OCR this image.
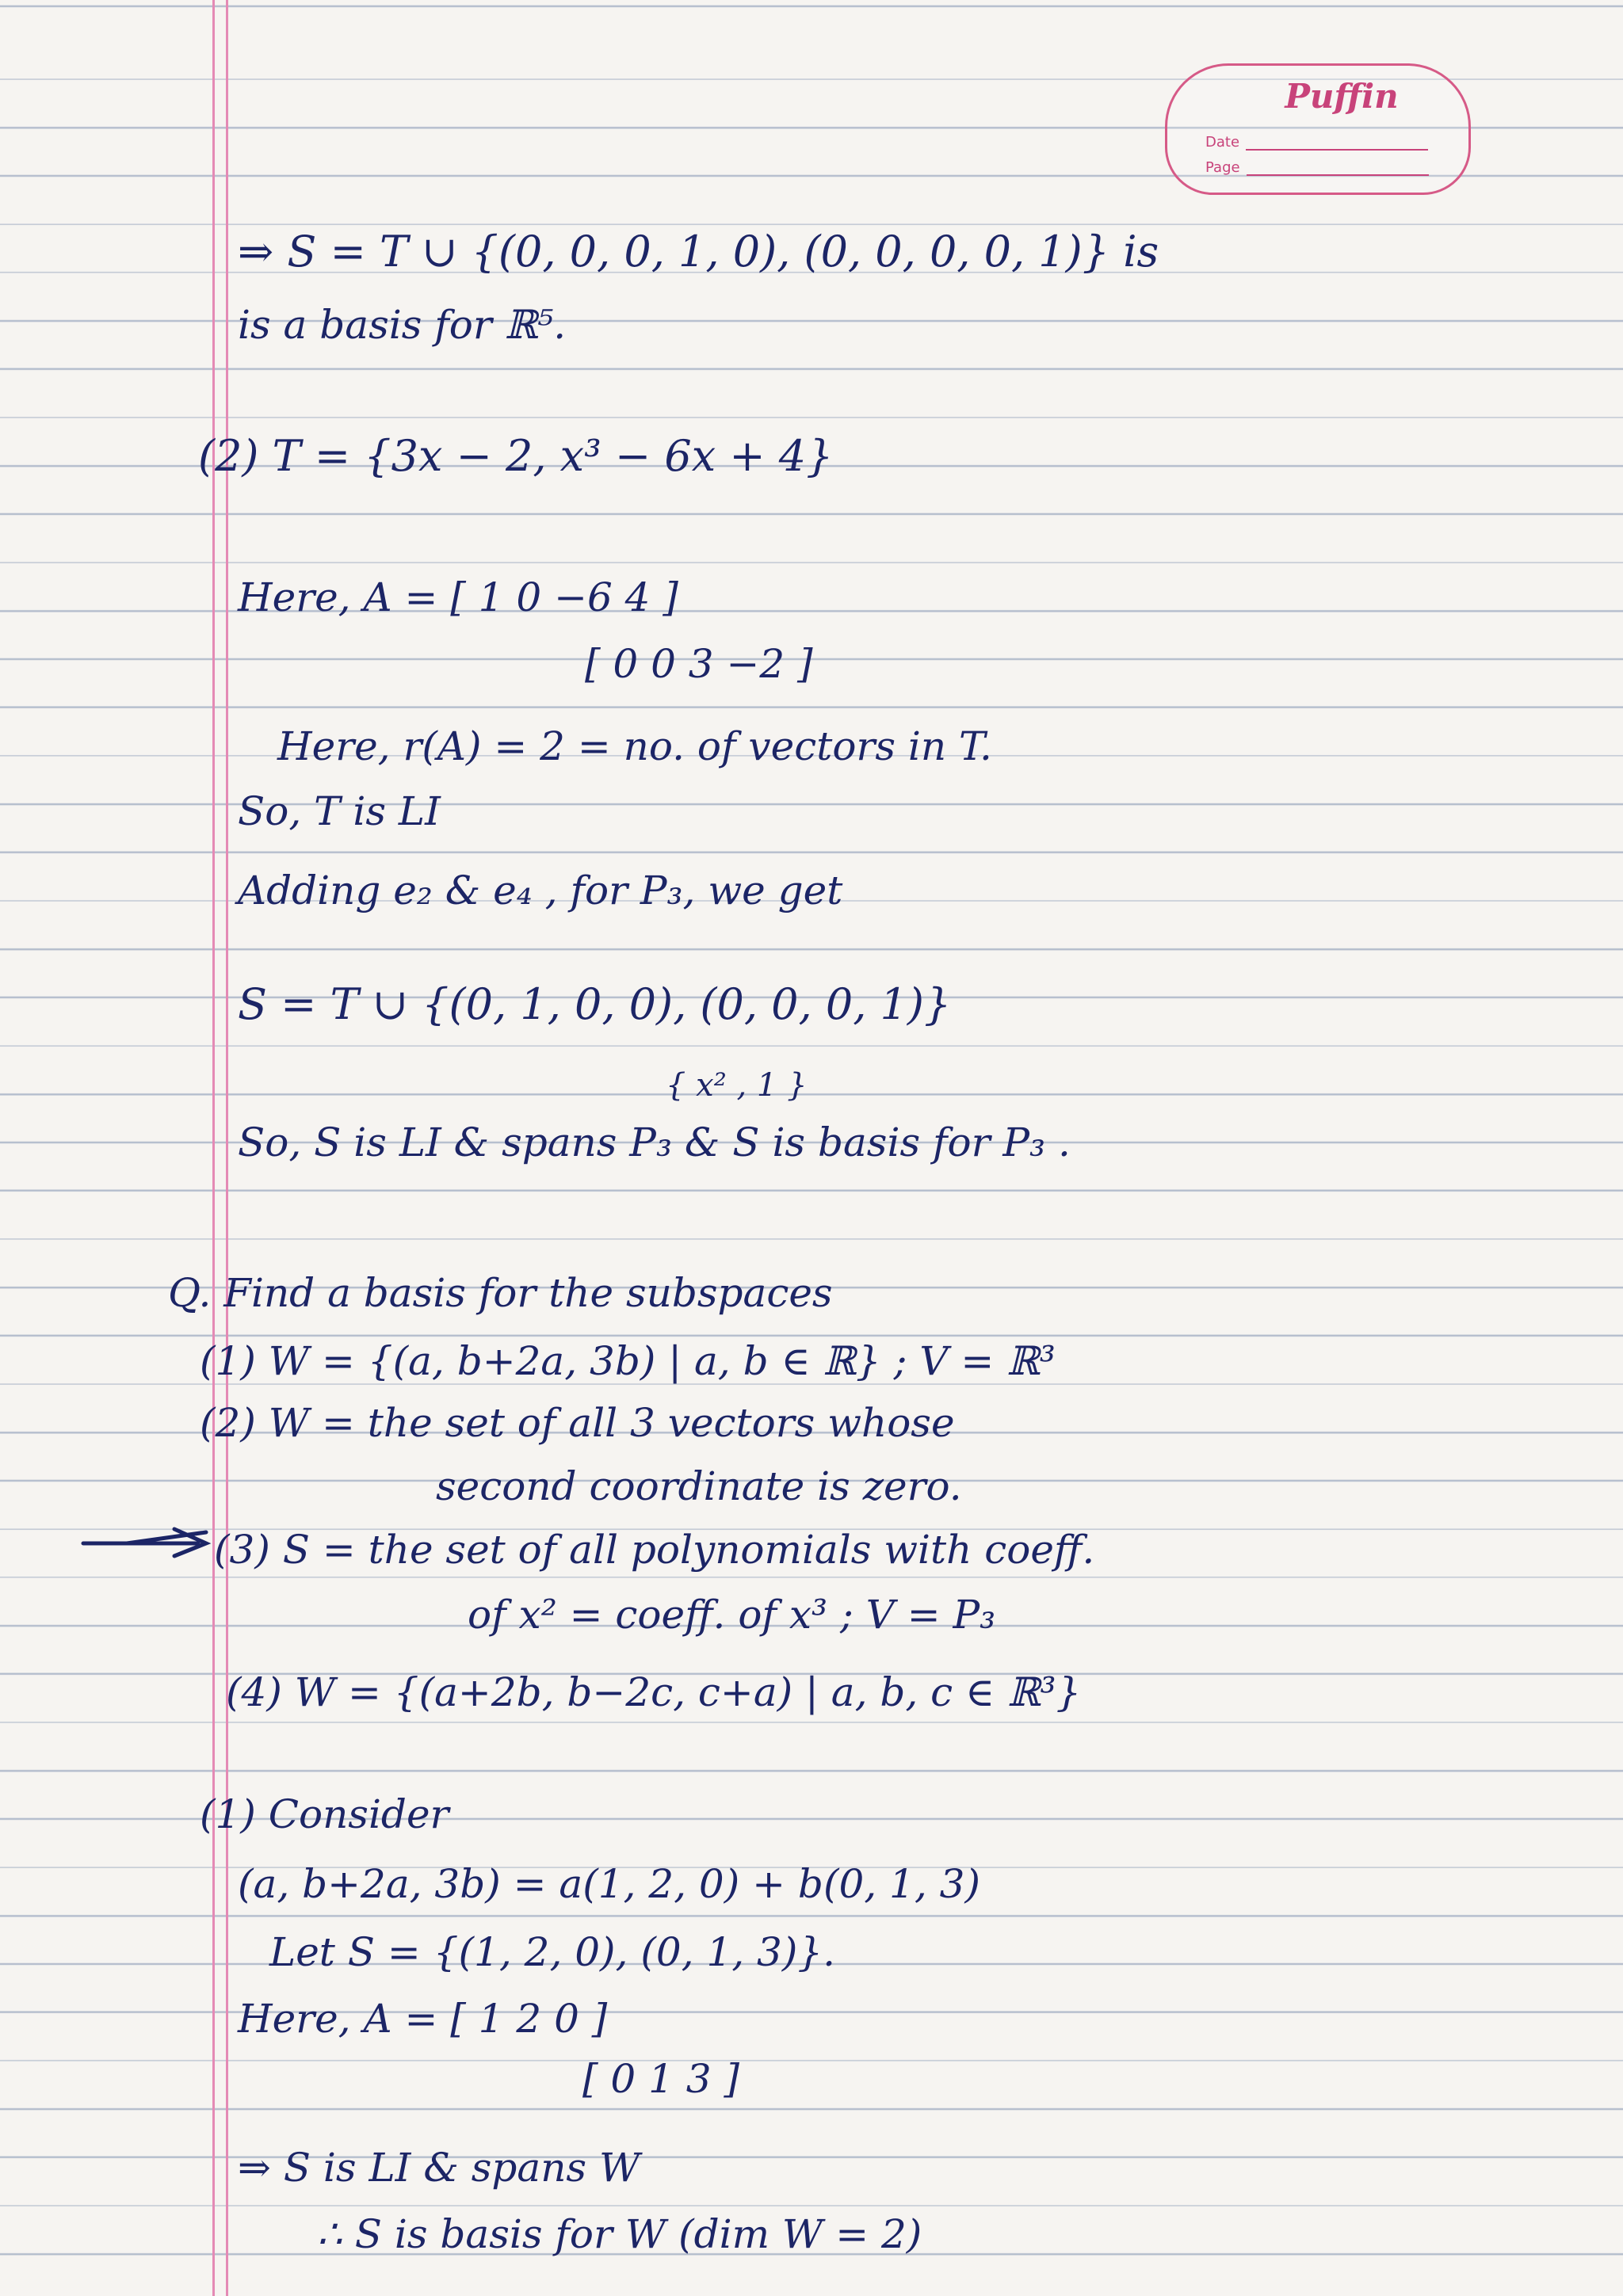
Puffin
Date
Page

⇒ S = T ∪ {(0, 0, 0, 1, 0), (0, 0, 0, 0, 1)} is

is a basis for ℝ⁵.

(2) T = {3x − 2, x³ − 6x + 4}

Here, A = [ 1 0 −6 4 ]

[ 0 0 3 −2 ]

Here, r(A) = 2 = no. of vectors in T.

So, T is LI

Adding e₂ & e₄ , for P₃, we get

S = T ∪ {(0, 1, 0, 0), (0, 0, 0, 1)}

{ x² , 1 }

So, S is LI & spans P₃ & S is basis for P₃ .

Q. Find a basis for the subspaces

(1) W = {(a, b+2a, 3b) | a, b ∈ ℝ} ; V = ℝ³

(2) W = the set of all 3 vectors whose

second coordinate is zero.

(3) S = the set of all polynomials with coeff.

of x² = coeff. of x³ ; V = P₃

(4) W = {(a+2b, b−2c, c+a) | a, b, c ∈ ℝ³}

(1) Consider

(a, b+2a, 3b) = a(1, 2, 0) + b(0, 1, 3)

Let S = {(1, 2, 0), (0, 1, 3)}.

Here, A = [ 1 2 0 ]

[ 0 1 3 ]

⇒ S is LI & spans W

∴ S is basis for W (dim W = 2)
